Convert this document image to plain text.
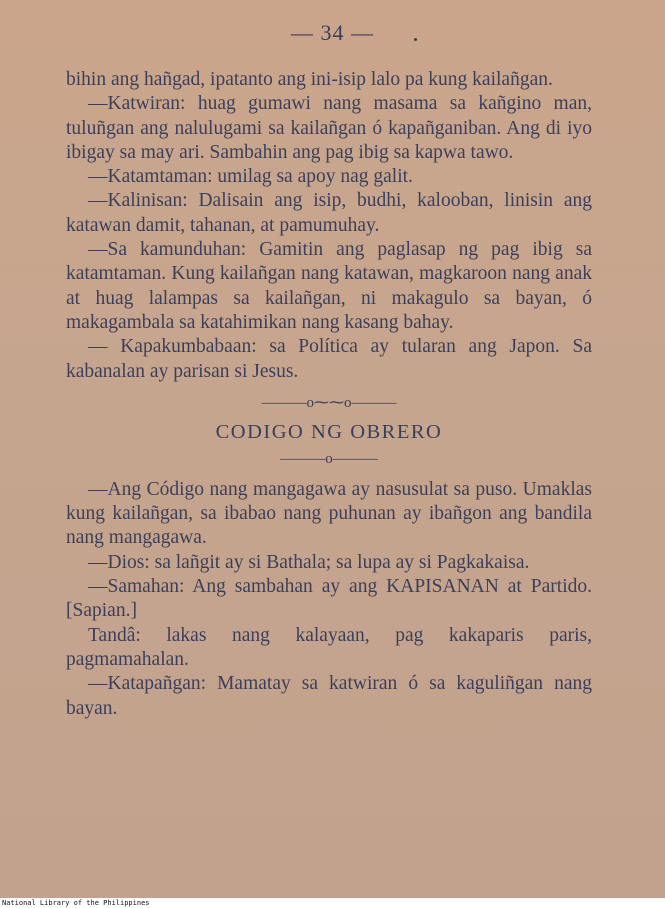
— 34 —

bihin ang hañgad, ipatanto ang ini-isip lalo pa kung kailañgan.

—Katwiran: huag gumawi nang masama sa kañgino man, tuluñgan ang nalulugami sa kailañgan ó kapañganiban. Ang di iyo ibigay sa may ari. Sambahin ang pag ibig sa kapwa tawo.

—Katamtaman: umilag sa apoy nag galit.

—Kalinisan: Dalisain ang isip, budhi, kalooban, linisin ang katawan damit, tahanan, at pamumuhay.

—Sa kamunduhan: Gamitin ang paglasap ng pag ibig sa katamtaman. Kung kailañgan nang katawan, magkaroon nang anak at huag lalampas sa kailañgan, ni makagulo sa bayan, ó makagambala sa katahimikan nang kasang bahay.

— Kapakumbabaan: sa Política ay tularan ang Japon. Sa kabanalan ay parisan si Jesus.

———o⁓⁓o———

CODIGO NG OBRERO

———o———

—Ang Código nang mangagawa ay nasusulat sa puso. Umaklas kung kailañgan, sa ibabao nang puhunan ay ibañgon ang bandila nang mangagawa.

—Dios: sa lañgit ay si Bathala; sa lupa ay si Pagkakaisa.

—Samahan: Ang sambahan ay ang KAPISANAN at Partido. [Sapian.]

Tandâ: lakas nang kalayaan, pag kakaparis paris, pagmamahalan.

—Katapañgan: Mamatay sa katwiran ó sa kaguliñgan nang bayan.

National Library of the Philippines
